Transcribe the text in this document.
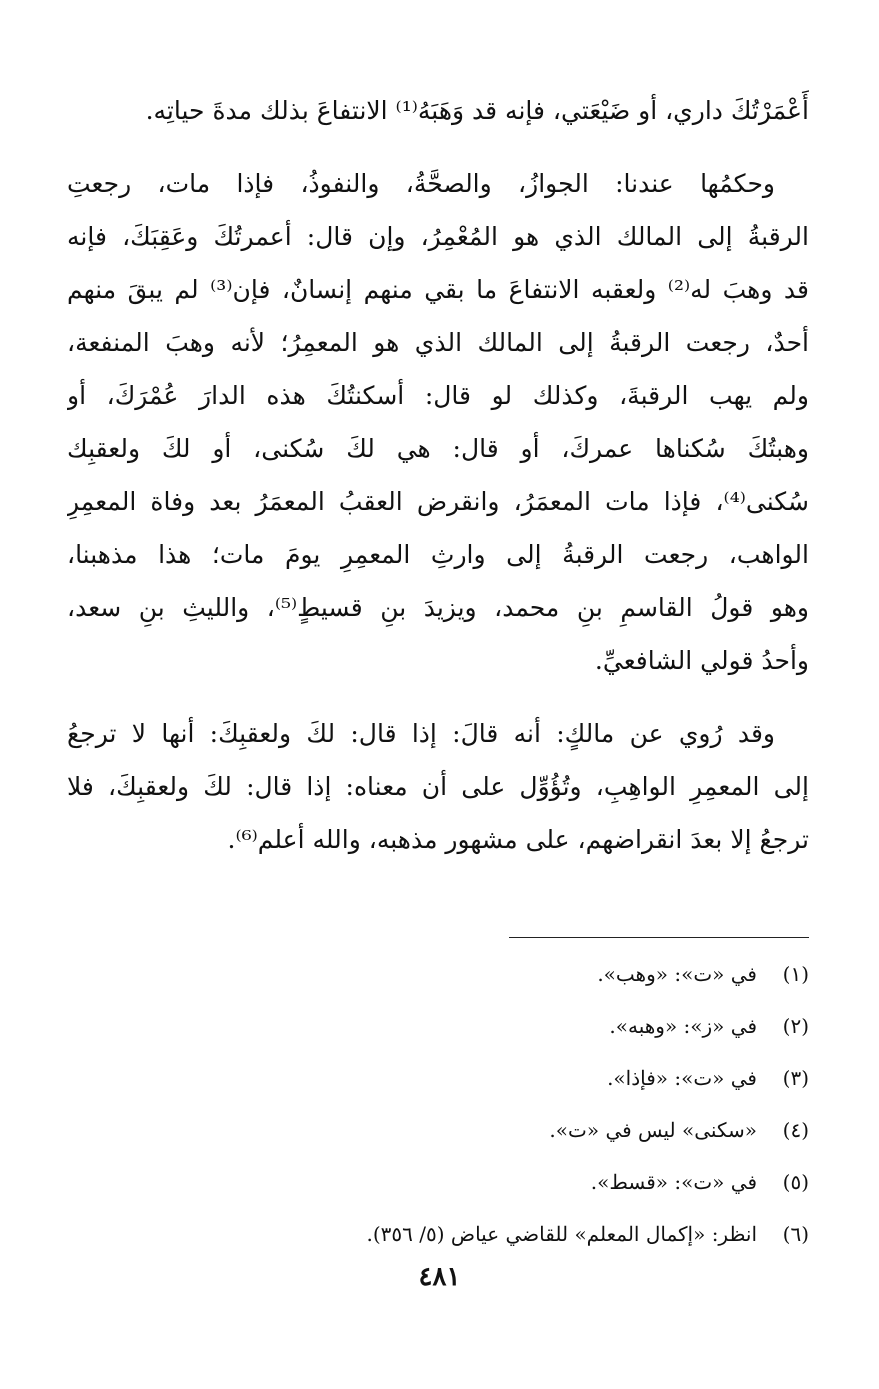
أَعْمَرْتُكَ داري، أو ضَيْعَتي، فإنه قد وَهَبَهُ⁽¹⁾ الانتفاعَ بذلك مدةَ حياتِه.
وحكمُها عندنا: الجوازُ، والصحَّةُ، والنفوذُ، فإذا مات، رجعتِ
الرقبةُ إلى المالك الذي هو المُعْمِرُ، وإن قال: أعمرتُكَ وعَقِبَكَ، فإنه
قد وهبَ له⁽²⁾ ولعقبه الانتفاعَ ما بقي منهم إنسانٌ، فإن⁽³⁾ لم يبقَ منهم
أحدٌ، رجعت الرقبةُ إلى المالك الذي هو المعمِرُ؛ لأنه وهبَ المنفعة،
ولم يهب الرقبةَ، وكذلك لو قال: أسكنتُكَ هذه الدارَ عُمْرَكَ، أو
وهبتُكَ سُكناها عمركَ، أو قال: هي لكَ سُكنى، أو لكَ ولعقبِك
سُكنى⁽⁴⁾، فإذا مات المعمَرُ، وانقرض العقبُ المعمَرُ بعد وفاة المعمِرِ
الواهب، رجعت الرقبةُ إلى وارثِ المعمِرِ يومَ مات؛ هذا مذهبنا،
وهو قولُ القاسمِ بنِ محمد، ويزيدَ بنِ قسيطٍ⁽⁵⁾، والليثِ بنِ سعد،
وأحدُ قولي الشافعيِّ.
وقد رُوي عن مالكٍ: أنه قالَ: إذا قال: لكَ ولعقبِكَ: أنها لا ترجعُ
إلى المعمِرِ الواهِبِ، وتُؤُوِّل على أن معناه: إذا قال: لكَ ولعقبِكَ، فلا
ترجعُ إلا بعدَ انقراضهم، على مشهور مذهبه، والله أعلم⁽⁶⁾.
(١)
في «ت»: «وهب».
(٢)
في «ز»: «وهبه».
(٣)
في «ت»: «فإذا».
(٤)
«سكنى» ليس في «ت».
(٥)
في «ت»: «قسط».
(٦)
انظر: «إكمال المعلم» للقاضي عياض (٥/ ٣٥٦).
٤٨١
